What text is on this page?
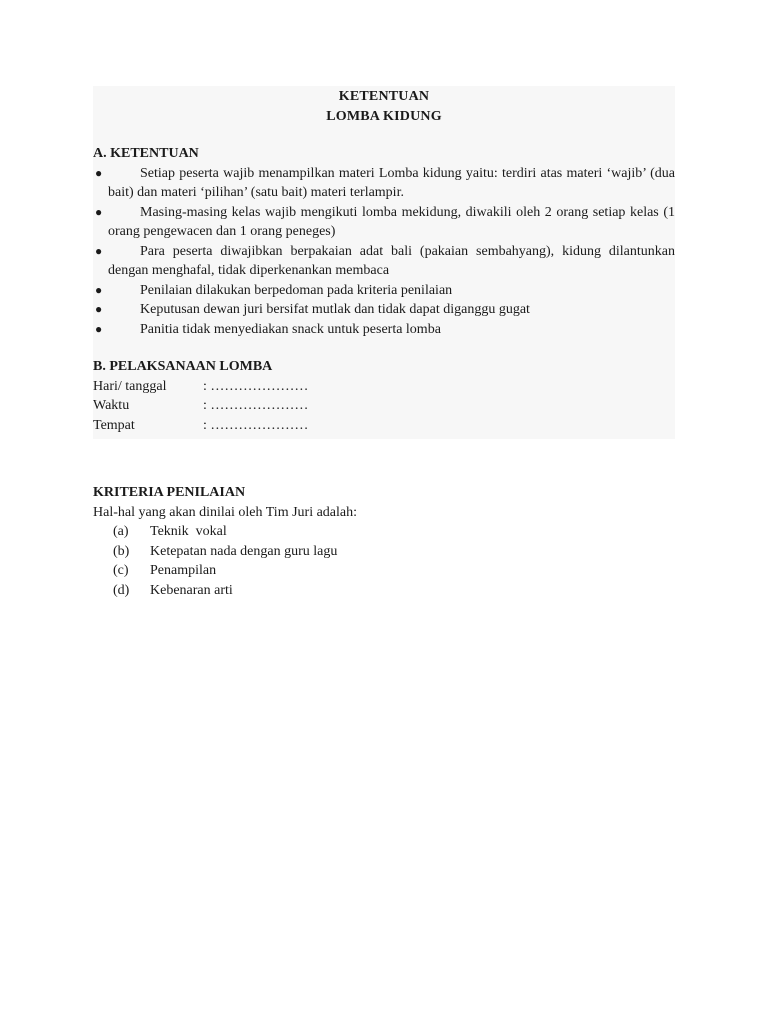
KETENTUAN
LOMBA KIDUNG
A. KETENTUAN
●	Setiap peserta wajib menampilkan materi Lomba kidung yaitu: terdiri atas materi ‘wajib’ (dua bait) dan materi ‘pilihan’ (satu bait) materi terlampir.
●	Masing-masing kelas wajib mengikuti lomba mekidung, diwakili oleh 2 orang setiap kelas (1 orang pengewacen dan 1 orang peneges)
●	Para peserta diwajibkan berpakaian adat bali (pakaian sembahyang), kidung dilantunkan dengan menghafal, tidak diperkenankan membaca
●	Penilaian dilakukan berpedoman pada kriteria penilaian
●	Keputusan dewan juri bersifat mutlak dan tidak dapat diganggu gugat
●	Panitia tidak menyediakan snack untuk peserta lomba
B. PELAKSANAAN LOMBA
Hari/ tanggal	: …………………
Waktu	: …………………
Tempat	: …………………
KRITERIA PENILAIAN
Hal-hal yang akan dinilai oleh Tim Juri adalah:
(a)	Teknik  vokal
(b)	Ketepatan nada dengan guru lagu
(c)	Penampilan
(d)	Kebenaran arti
